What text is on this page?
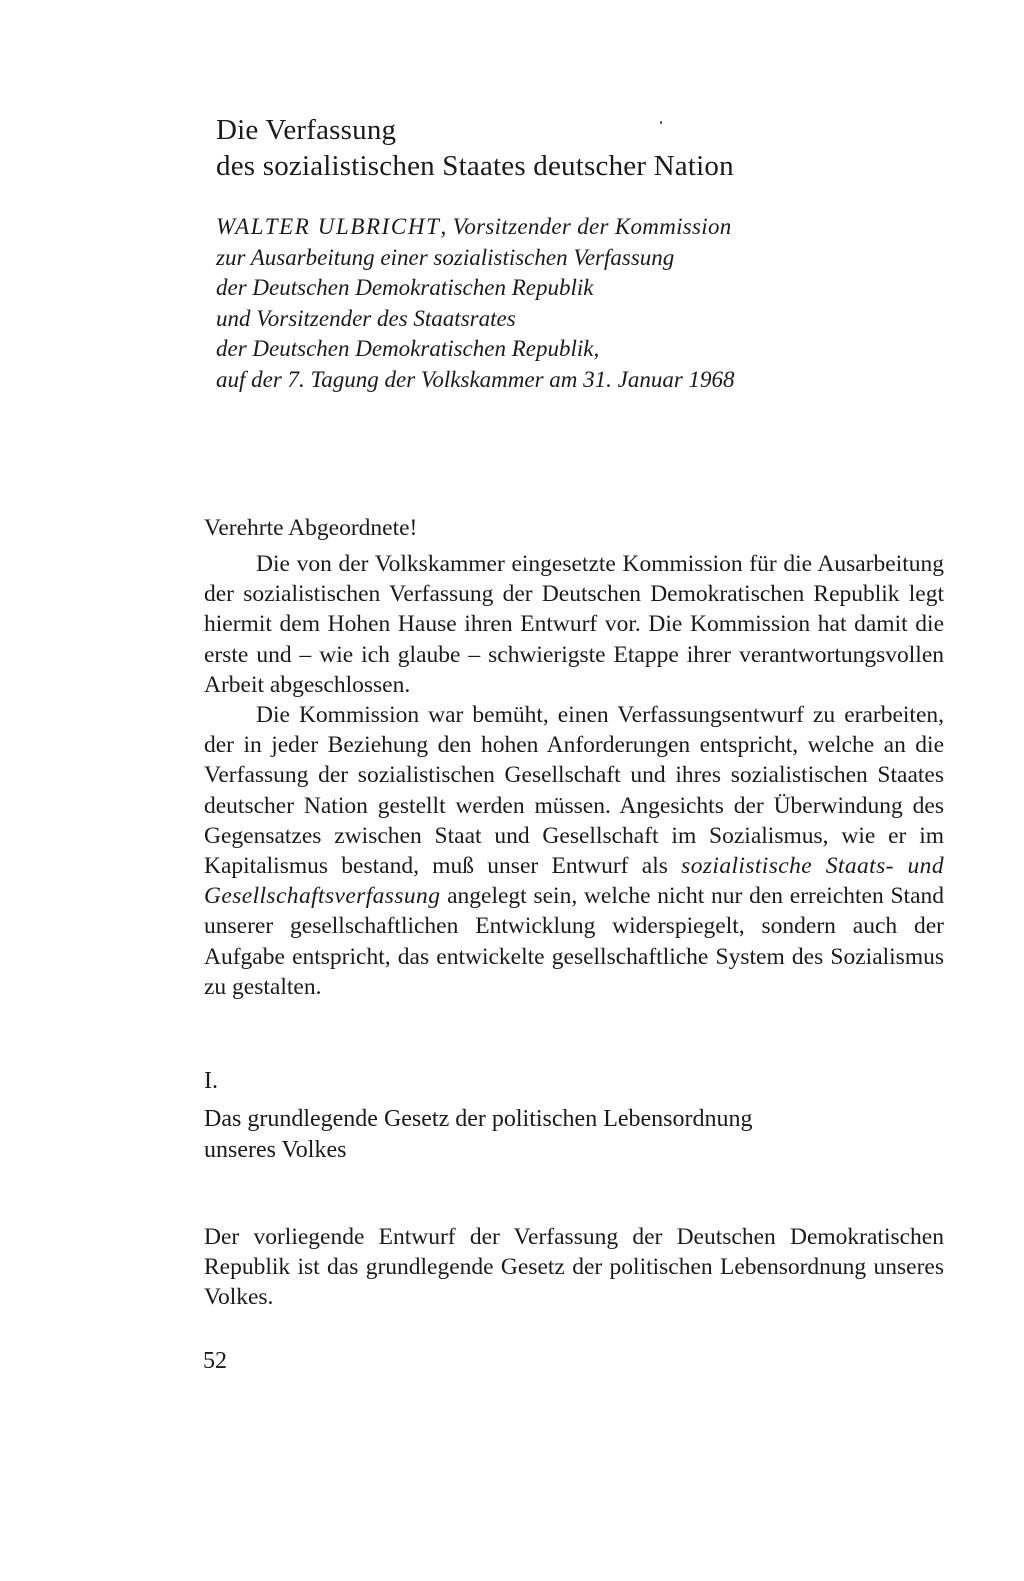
Die Verfassung
des sozialistischen Staates deutscher Nation
WALTER ULBRICHT, Vorsitzender der Kommission
zur Ausarbeitung einer sozialistischen Verfassung
der Deutschen Demokratischen Republik
und Vorsitzender des Staatsrates
der Deutschen Demokratischen Republik,
auf der 7. Tagung der Volkskammer am 31. Januar 1968
Verehrte Abgeordnete!

Die von der Volkskammer eingesetzte Kommission für die Ausarbeitung der sozialistischen Verfassung der Deutschen Demokratischen Republik legt hiermit dem Hohen Hause ihren Entwurf vor. Die Kommission hat damit die erste und – wie ich glaube – schwierigste Etappe ihrer verantwortungsvollen Arbeit abgeschlossen.

Die Kommission war bemüht, einen Verfassungsentwurf zu erarbeiten, der in jeder Beziehung den hohen Anforderungen entspricht, welche an die Verfassung der sozialistischen Gesellschaft und ihres sozialistischen Staates deutscher Nation gestellt werden müssen. Angesichts der Überwindung des Gegensatzes zwischen Staat und Gesellschaft im Sozialismus, wie er im Kapitalismus bestand, muß unser Entwurf als sozialistische Staats- und Gesellschaftsverfassung angelegt sein, welche nicht nur den erreichten Stand unserer gesellschaftlichen Entwicklung widerspiegelt, sondern auch der Aufgabe entspricht, das entwickelte gesellschaftliche System des Sozialismus zu gestalten.

I.
Das grundlegende Gesetz der politischen Lebensordnung
unseres Volkes

Der vorliegende Entwurf der Verfassung der Deutschen Demokratischen Republik ist das grundlegende Gesetz der politischen Lebensordnung unseres Volkes.

52
